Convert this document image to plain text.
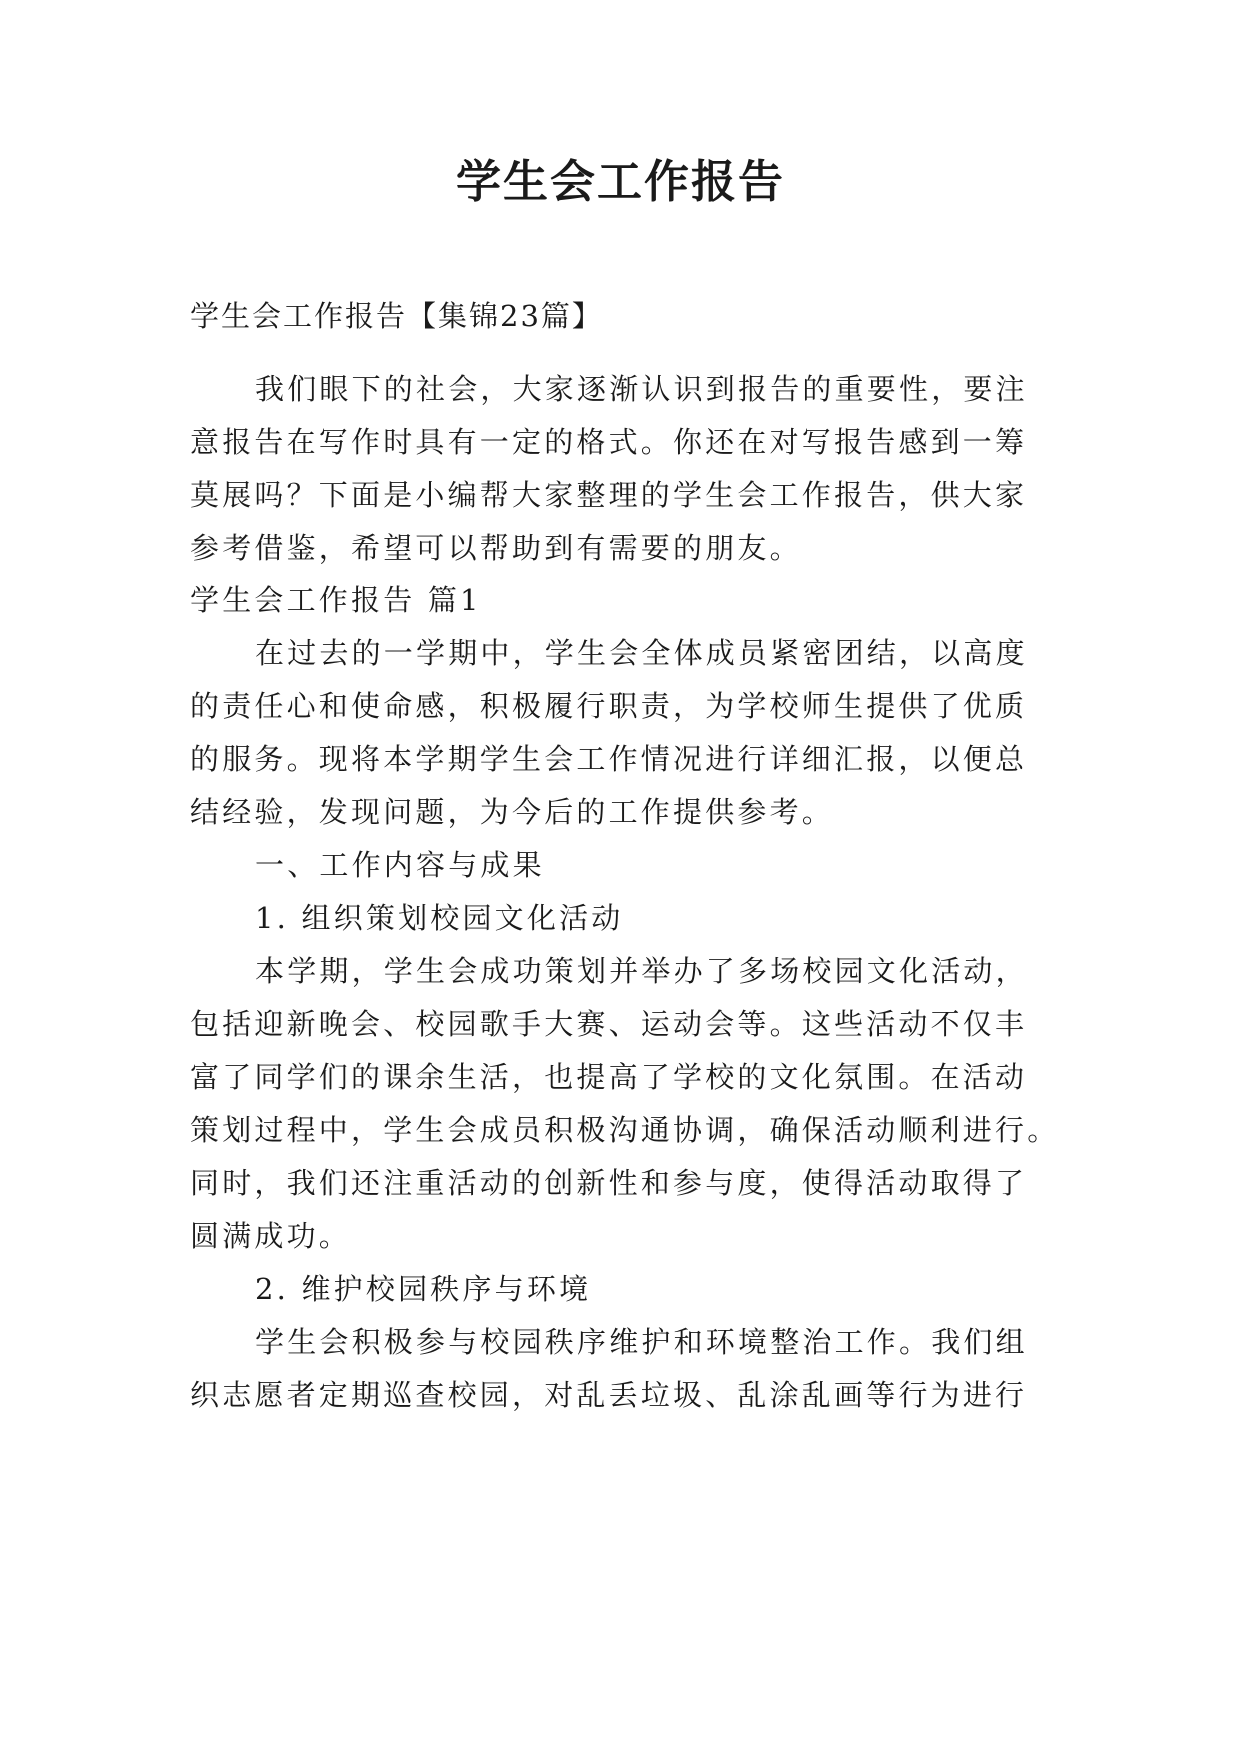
学生会工作报告
学生会工作报告【集锦23篇】
我们眼下的社会，大家逐渐认识到报告的重要性，要注
意报告在写作时具有一定的格式。你还在对写报告感到一筹
莫展吗？下面是小编帮大家整理的学生会工作报告，供大家
参考借鉴，希望可以帮助到有需要的朋友。
学生会工作报告 篇1
在过去的一学期中，学生会全体成员紧密团结，以高度
的责任心和使命感，积极履行职责，为学校师生提供了优质
的服务。现将本学期学生会工作情况进行详细汇报，以便总
结经验，发现问题，为今后的工作提供参考。
一、工作内容与成果
1. 组织策划校园文化活动
本学期，学生会成功策划并举办了多场校园文化活动，
包括迎新晚会、校园歌手大赛、运动会等。这些活动不仅丰
富了同学们的课余生活，也提高了学校的文化氛围。在活动
策划过程中，学生会成员积极沟通协调，确保活动顺利进行。
同时，我们还注重活动的创新性和参与度，使得活动取得了
圆满成功。
2. 维护校园秩序与环境
学生会积极参与校园秩序维护和环境整治工作。我们组
织志愿者定期巡查校园，对乱丢垃圾、乱涂乱画等行为进行
